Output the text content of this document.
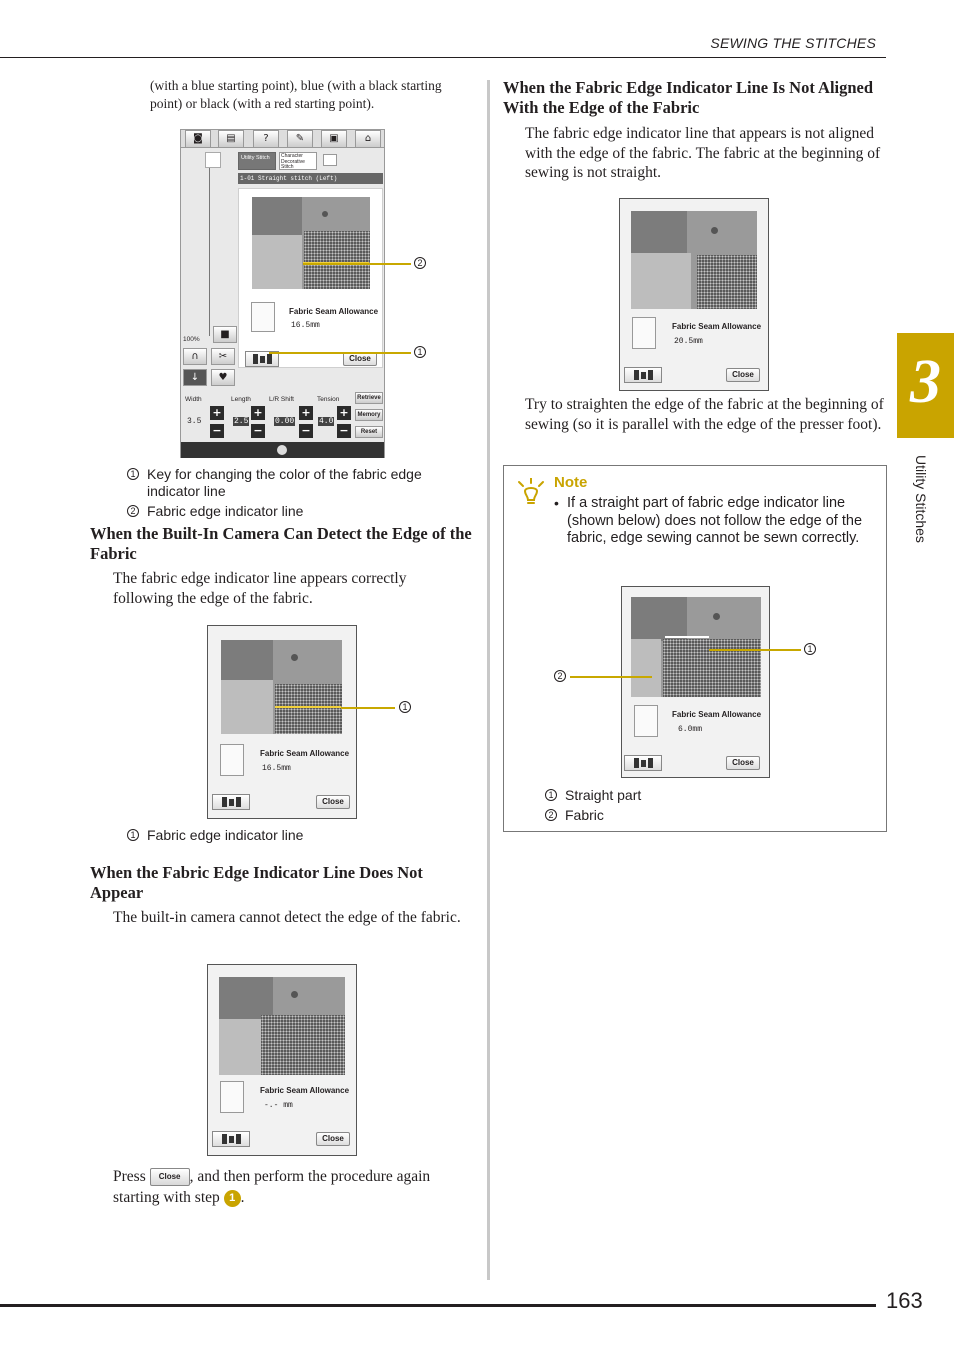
SEWING THE STITCHES
(with a blue starting point), blue (with a black starting point) or black (with a red starting point).
◙	▤	?	✎	▣	⌂
100%	■
∩	✂
↓	♥
Utility Stitch	Character Decorative Stitch
1-01 Straight stitch (Left)
Fabric Seam Allowance
16.5mm
Close
Width	Length	L/R Shift	Tension
3.5
+
−
2.5
+
−
0.00
+
−
4.0
+
−
Retrieve
Memory
Reset
2
1
1 Key for changing the color of the fabric edge indicator line
2 Fabric edge indicator line
When the Built-In Camera Can Detect the Edge of the Fabric
The fabric edge indicator line appears correctly following the edge of the fabric.
Fabric Seam Allowance
16.5mm
Close
1
1 Fabric edge indicator line
When the Fabric Edge Indicator Line Does Not Appear
The built-in camera cannot detect the edge of the fabric.
Fabric Seam Allowance
-.- mm
Close
Press Close , and then perform the procedure again starting with step 1 .
When the Fabric Edge Indicator Line Is Not Aligned With the Edge of the Fabric
The fabric edge indicator line that appears is not aligned with the edge of the fabric. The fabric at the beginning of sewing is not straight.
Fabric Seam Allowance
20.5mm
Close
Try to straighten the edge of the fabric at the beginning of sewing (so it is parallel with the edge of the presser foot).
Note
• If a straight part of fabric edge indicator line (shown below) does not follow the edge of the fabric, edge sewing cannot be sewn correctly.
Fabric Seam Allowance
6.0mm
Close
1
2
1 Straight part
2 Fabric
3
Utility Stitches
163
